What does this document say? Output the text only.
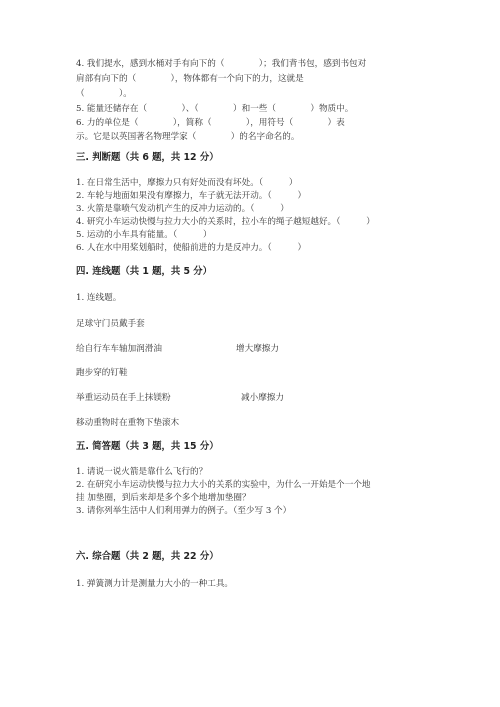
4. 我们提水，感到水桶对手有向下的（　　　　）；我们背书包，感到书包对
肩部有向下的（　　　　），物体都有一个向下的力，这就是
（　　　　）。
5. 能量还储存在（　　　　）、（　　　　）和一些（　　　　）物质中。
6. 力的单位是（　　　　），简称（　　　　），用符号（　　　　）表
示。它是以英国著名物理学家（　　　　）的名字命名的。
三. 判断题（共 6 题，共 12 分）
1. 在日常生活中，摩擦力只有好处而没有坏处。（　　　）
2. 车轮与地面如果没有摩擦力，车子就无法开动。（　　　）
3. 火箭是靠喷气发动机产生的反冲力运动的。（　　　）
4. 研究小车运动快慢与拉力大小的关系时，拉小车的绳子越短越好。（　　　）
5. 运动的小车具有能量。（　　　）
6. 人在水中用桨划船时，使船前进的力是反冲力。（　　　）
四. 连线题（共 1 题，共 5 分）
1. 连线题。
足球守门员戴手套
给自行车车轴加润滑油	增大摩擦力
跑步穿的钉鞋
举重运动员在手上抹镁粉	减小摩擦力
移动重物时在重物下垫滚木
五. 简答题（共 3 题，共 15 分）
1. 请说一说火箭是靠什么飞行的？
2. 在研究小车运动快慢与拉力大小的关系的实验中，为什么一开始是个一个地
挂 加垫圈，到后来却是多个多个地增加垫圈？
3. 请你列举生活中人们利用弹力的例子。（至少写 3 个）
六. 综合题（共 2 题，共 22 分）
1. 弹簧测力计是测量力大小的一种工具。
